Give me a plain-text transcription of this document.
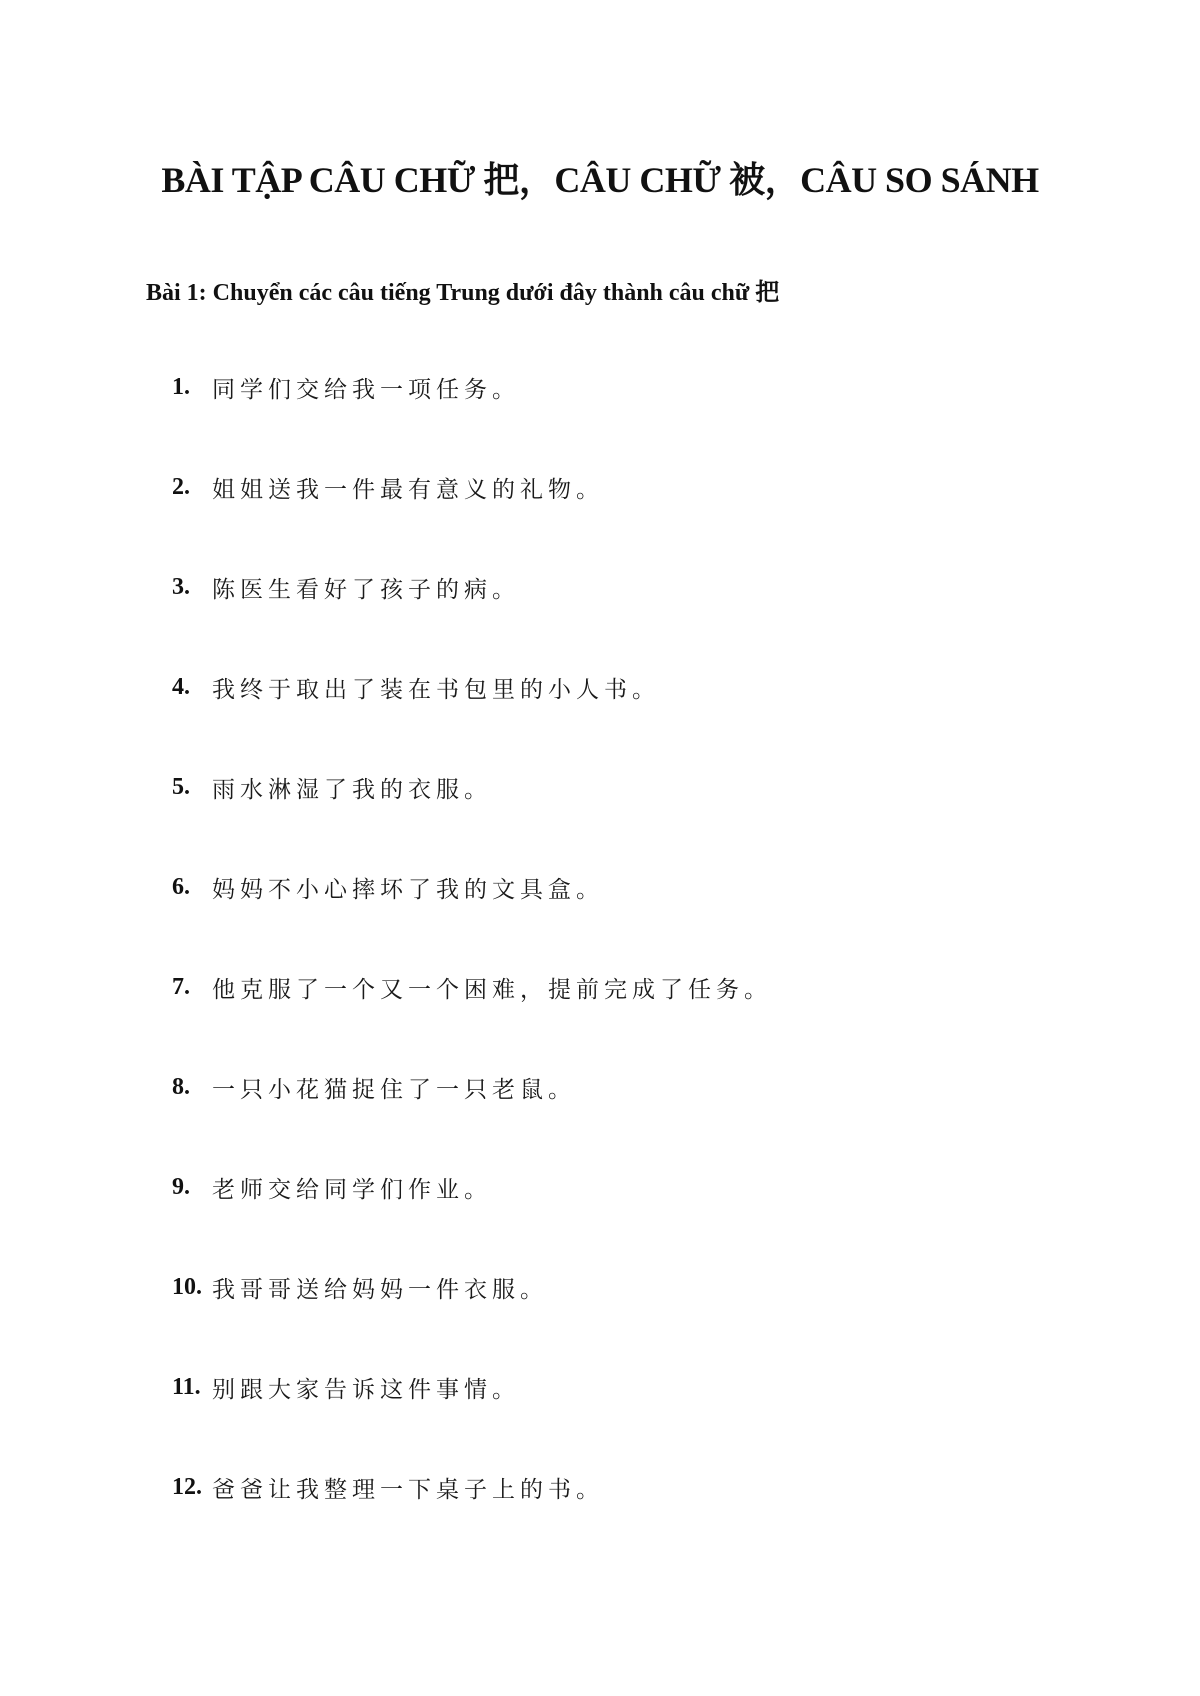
BÀI TẬP CÂU CHỮ 把，CÂU CHỮ 被，CÂU SO SÁNH
Bài 1: Chuyển các câu tiếng Trung dưới đây thành câu chữ 把
1. 同学们交给我一项任务。
2. 姐姐送我一件最有意义的礼物。
3. 陈医生看好了孩子的病。
4. 我终于取出了装在书包里的小人书。
5. 雨水淋湿了我的衣服。
6. 妈妈不小心摔坏了我的文具盒。
7. 他克服了一个又一个困难，提前完成了任务。
8. 一只小花猫捉住了一只老鼠。
9. 老师交给同学们作业。
10. 我哥哥送给妈妈一件衣服。
11. 别跟大家告诉这件事情。
12. 爸爸让我整理一下桌子上的书。
